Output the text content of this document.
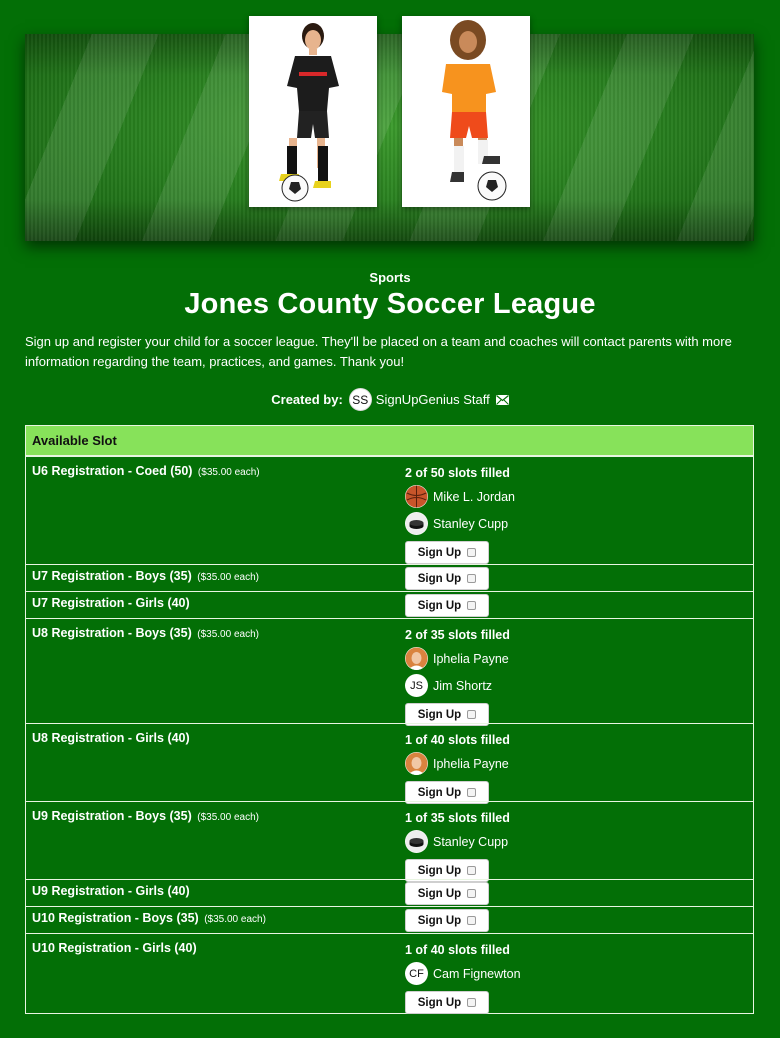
Sports
Jones County Soccer League
Sign up and register your child for a soccer league. They'll be placed on a team and coaches will contact parents with more information regarding the team, practices, and games. Thank you!
Created by: SS SignUpGenius Staff
Available Slot
U6 Registration - Coed (50) ($35.00 each)	2 of 50 slots filled
Mike L. Jordan
Stanley Cupp
Sign Up
U7 Registration - Boys (35) ($35.00 each)	Sign Up
U7 Registration - Girls (40)	Sign Up
U8 Registration - Boys (35) ($35.00 each)	2 of 35 slots filled
Iphelia Payne
JS Jim Shortz
Sign Up
U8 Registration - Girls (40)	1 of 40 slots filled
Iphelia Payne
Sign Up
U9 Registration - Boys (35) ($35.00 each)	1 of 35 slots filled
Stanley Cupp
Sign Up
U9 Registration - Girls (40)	Sign Up
U10 Registration - Boys (35) ($35.00 each)	Sign Up
U10 Registration - Girls (40)	1 of 40 slots filled
CF Cam Fignewton
Sign Up
